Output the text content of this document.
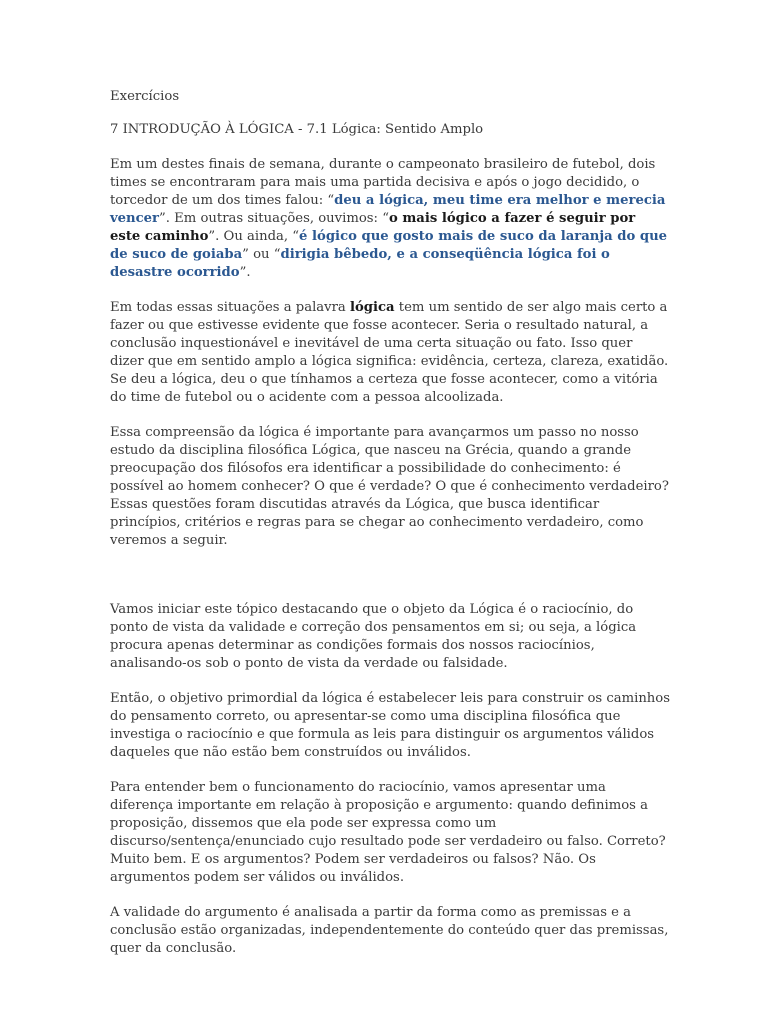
Exercícios

7 INTRODUÇÃO À LÓGICA - 7.1 Lógica: Sentido Amplo

Em um destes finais de semana, durante o campeonato brasileiro de futebol, dois times se encontraram para mais uma partida decisiva e após o jogo decidido, o torcedor de um dos times falou: “deu a lógica, meu time era melhor e merecia vencer”. Em outras situações, ouvimos: “o mais lógico a fazer é seguir por este caminho”. Ou ainda, “é lógico que gosto mais de suco da laranja do que de suco de goiaba” ou “dirigia bêbedo, e a conseqüência lógica foi o desastre ocorrido”.

Em todas essas situações a palavra lógica tem um sentido de ser algo mais certo a fazer ou que estivesse evidente que fosse acontecer. Seria o resultado natural, a conclusão inquestionável e inevitável de uma certa situação ou fato. Isso quer dizer que em sentido amplo a lógica significa: evidência, certeza, clareza, exatidão. Se deu a lógica, deu o que tínhamos a certeza que fosse acontecer, como a vitória do time de futebol ou o acidente com a pessoa alcoolizada.

Essa compreensão da lógica é importante para avançarmos um passo no nosso estudo da disciplina filosófica Lógica, que nasceu na Grécia, quando a grande preocupação dos filósofos era identificar a possibilidade do conhecimento: é possível ao homem conhecer? O que é verdade? O que é conhecimento verdadeiro? Essas questões foram discutidas através da Lógica, que busca identificar princípios, critérios e regras para se chegar ao conhecimento verdadeiro, como veremos a seguir.

Vamos iniciar este tópico destacando que o objeto da Lógica é o raciocínio, do ponto de vista da validade e correção dos pensamentos em si; ou seja, a lógica procura apenas determinar as condições formais dos nossos raciocínios, analisando-os sob o ponto de vista da verdade ou falsidade.

Então, o objetivo primordial da lógica é estabelecer leis para construir os caminhos do pensamento correto, ou apresentar-se como uma disciplina filosófica que investiga o raciocínio e que formula as leis para distinguir os argumentos válidos daqueles que não estão bem construídos ou inválidos.

Para entender bem o funcionamento do raciocínio, vamos apresentar uma diferença importante em relação à proposição e argumento: quando definimos a proposição, dissemos que ela pode ser expressa como um discurso/sentença/enunciado cujo resultado pode ser verdadeiro ou falso. Correto? Muito bem. E os argumentos? Podem ser verdadeiros ou falsos? Não. Os argumentos podem ser válidos ou inválidos.

A validade do argumento é analisada a partir da forma como as premissas e a conclusão estão organizadas, independentemente do conteúdo quer das premissas, quer da conclusão.
